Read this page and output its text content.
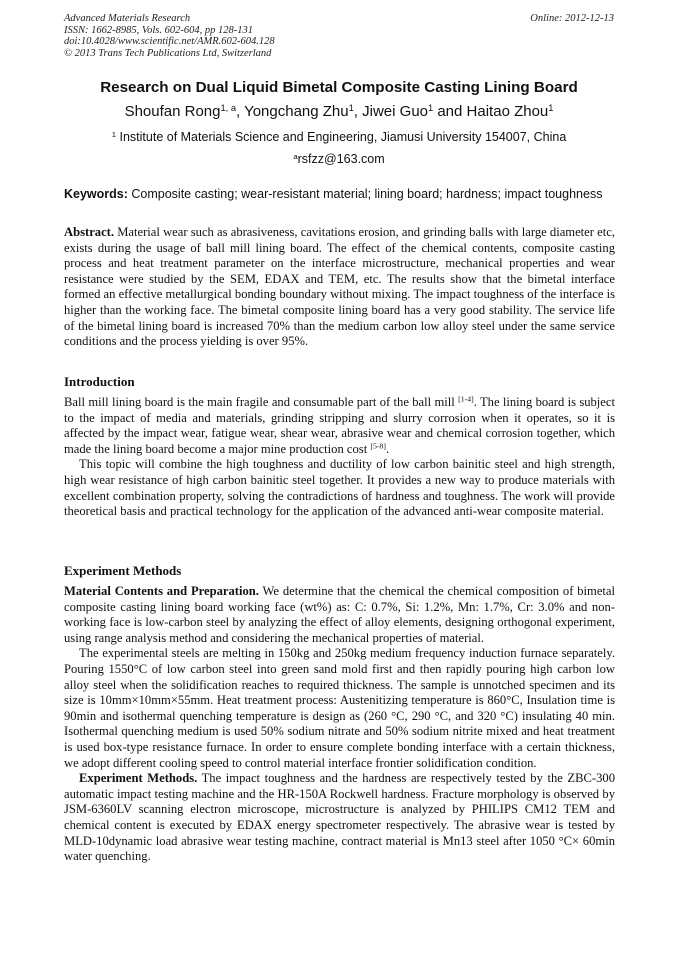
Advanced Materials Research
ISSN: 1662-8985, Vols. 602-604, pp 128-131
doi:10.4028/www.scientific.net/AMR.602-604.128
© 2013 Trans Tech Publications Ltd, Switzerland
Online: 2012-12-13
Research on Dual Liquid Bimetal Composite Casting Lining Board
Shoufan Rong$^{1, a}$, Yongchang Zhu$^1$, Jiwei Guo$^1$ and Haitao Zhou$^1$
$^1$ Institute of Materials Science and Engineering, Jiamusi University 154007, China
$^a$rsfzz@163.com
Keywords: Composite casting; wear-resistant material; lining board; hardness; impact toughness

Abstract. Material wear such as abrasiveness, cavitations erosion, and grinding balls with large diameter etc, exists during the usage of ball mill lining board. The effect of the chemical contents, composite casting process and heat treatment parameter on the interface microstructure, mechanical properties and wear resistance were studied by the SEM, EDAX and TEM, etc. The results show that the bimetal interface formed an effective metallurgical bonding boundary without mixing. The impact toughness of the interface is higher than the working face. The bimetal composite lining board has a very good stability. The service life of the bimetal lining board is increased 70% than the medium carbon low alloy steel under the same service conditions and the process yielding is over 95%.

Introduction

Ball mill lining board is the main fragile and consumable part of the ball mill [1-4]. The lining board is subject to the impact of media and materials, grinding stripping and slurry corrosion when it operates, so it is affected by the impact wear, fatigue wear, shear wear, abrasive wear and chemical corrosion together, which made the lining board become a major mine production cost [5-8].

This topic will combine the high toughness and ductility of low carbon bainitic steel and high strength, high wear resistance of high carbon bainitic steel together. It provides a new way to produce materials with excellent combination property, solving the contradictions of hardness and toughness. The work will provide theoretical basis and practical technology for the application of the advanced anti-wear composite material.

Experiment Methods

Material Contents and Preparation. We determine that the chemical the chemical composition of bimetal composite casting lining board working face (wt%) as: C: 0.7%, Si: 1.2%, Mn: 1.7%, Cr: 3.0% and non-working face is low-carbon steel by analyzing the effect of alloy elements, designing orthogonal experiment, using range analysis method and considering the mechanical properties of material.

The experimental steels are melting in 150kg and 250kg medium frequency induction furnace separately. Pouring 1550°C of low carbon steel into green sand mold first and then rapidly pouring high carbon low alloy steel when the solidification reaches to required thickness. The sample is unnotched specimen and its size is 10mm×10mm×55mm. Heat treatment process: Austenitizing temperature is 860°C, Insulation time is 90min and isothermal quenching temperature is design as (260 °C, 290 °C, and 320 °C) insulating 40 min. Isothermal quenching medium is used 50% sodium nitrate and 50% sodium nitrite mixed and heat treatment is used box-type resistance furnace. In order to ensure complete bonding interface with a certain thickness, we adopt different cooling speed to control material interface frontier solidification condition.

Experiment Methods. The impact toughness and the hardness are respectively tested by the ZBC-300 automatic impact testing machine and the HR-150A Rockwell hardness. Fracture morphology is observed by JSM-6360LV scanning electron microscope, microstructure is analyzed by PHILIPS CM12 TEM and chemical content is executed by EDAX energy spectrometer respectively. The abrasive wear is tested by MLD-10dynamic load abrasive wear testing machine, contract material is Mn13 steel after 1050 °C× 60min water quenching.
